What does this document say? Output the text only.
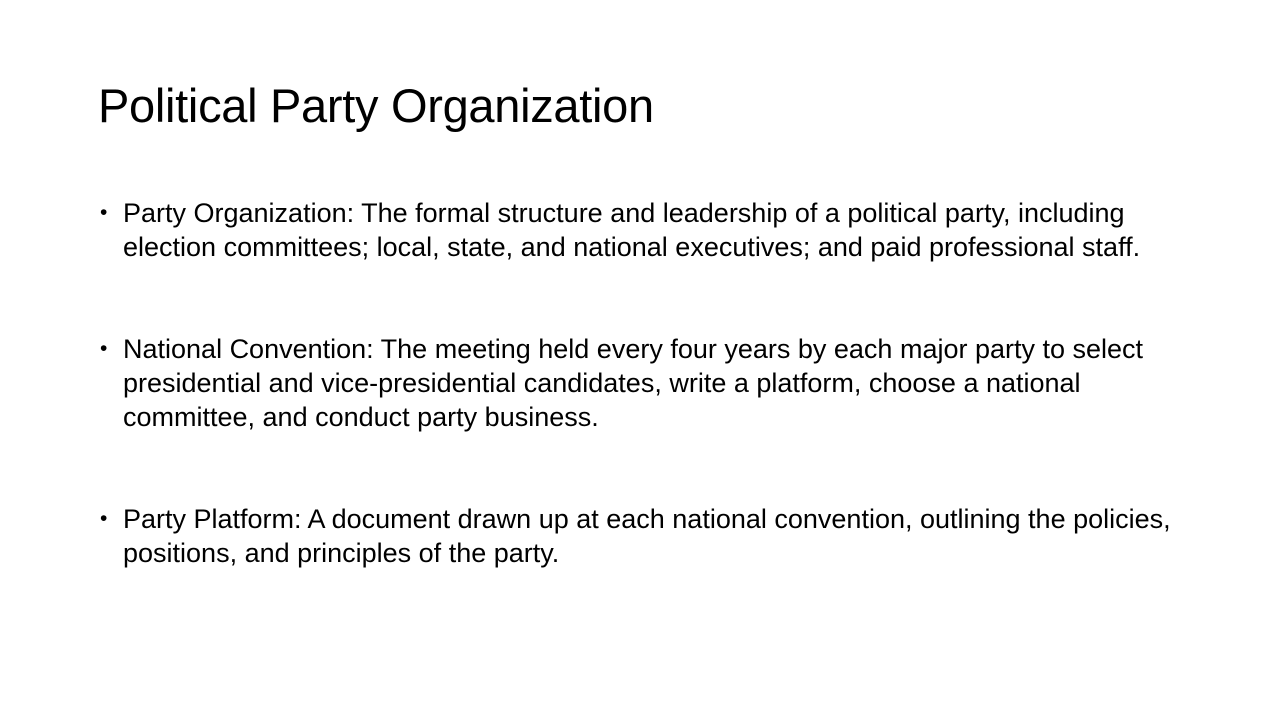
Political Party Organization
• Party Organization: The formal structure and leadership of a political party, including election committees; local, state, and national executives; and paid professional staff.
• National Convention: The meeting held every four years by each major party to select presidential and vice-presidential candidates, write a platform, choose a national committee, and conduct party business.
• Party Platform: A document drawn up at each national convention, outlining the policies, positions, and principles of the party.
